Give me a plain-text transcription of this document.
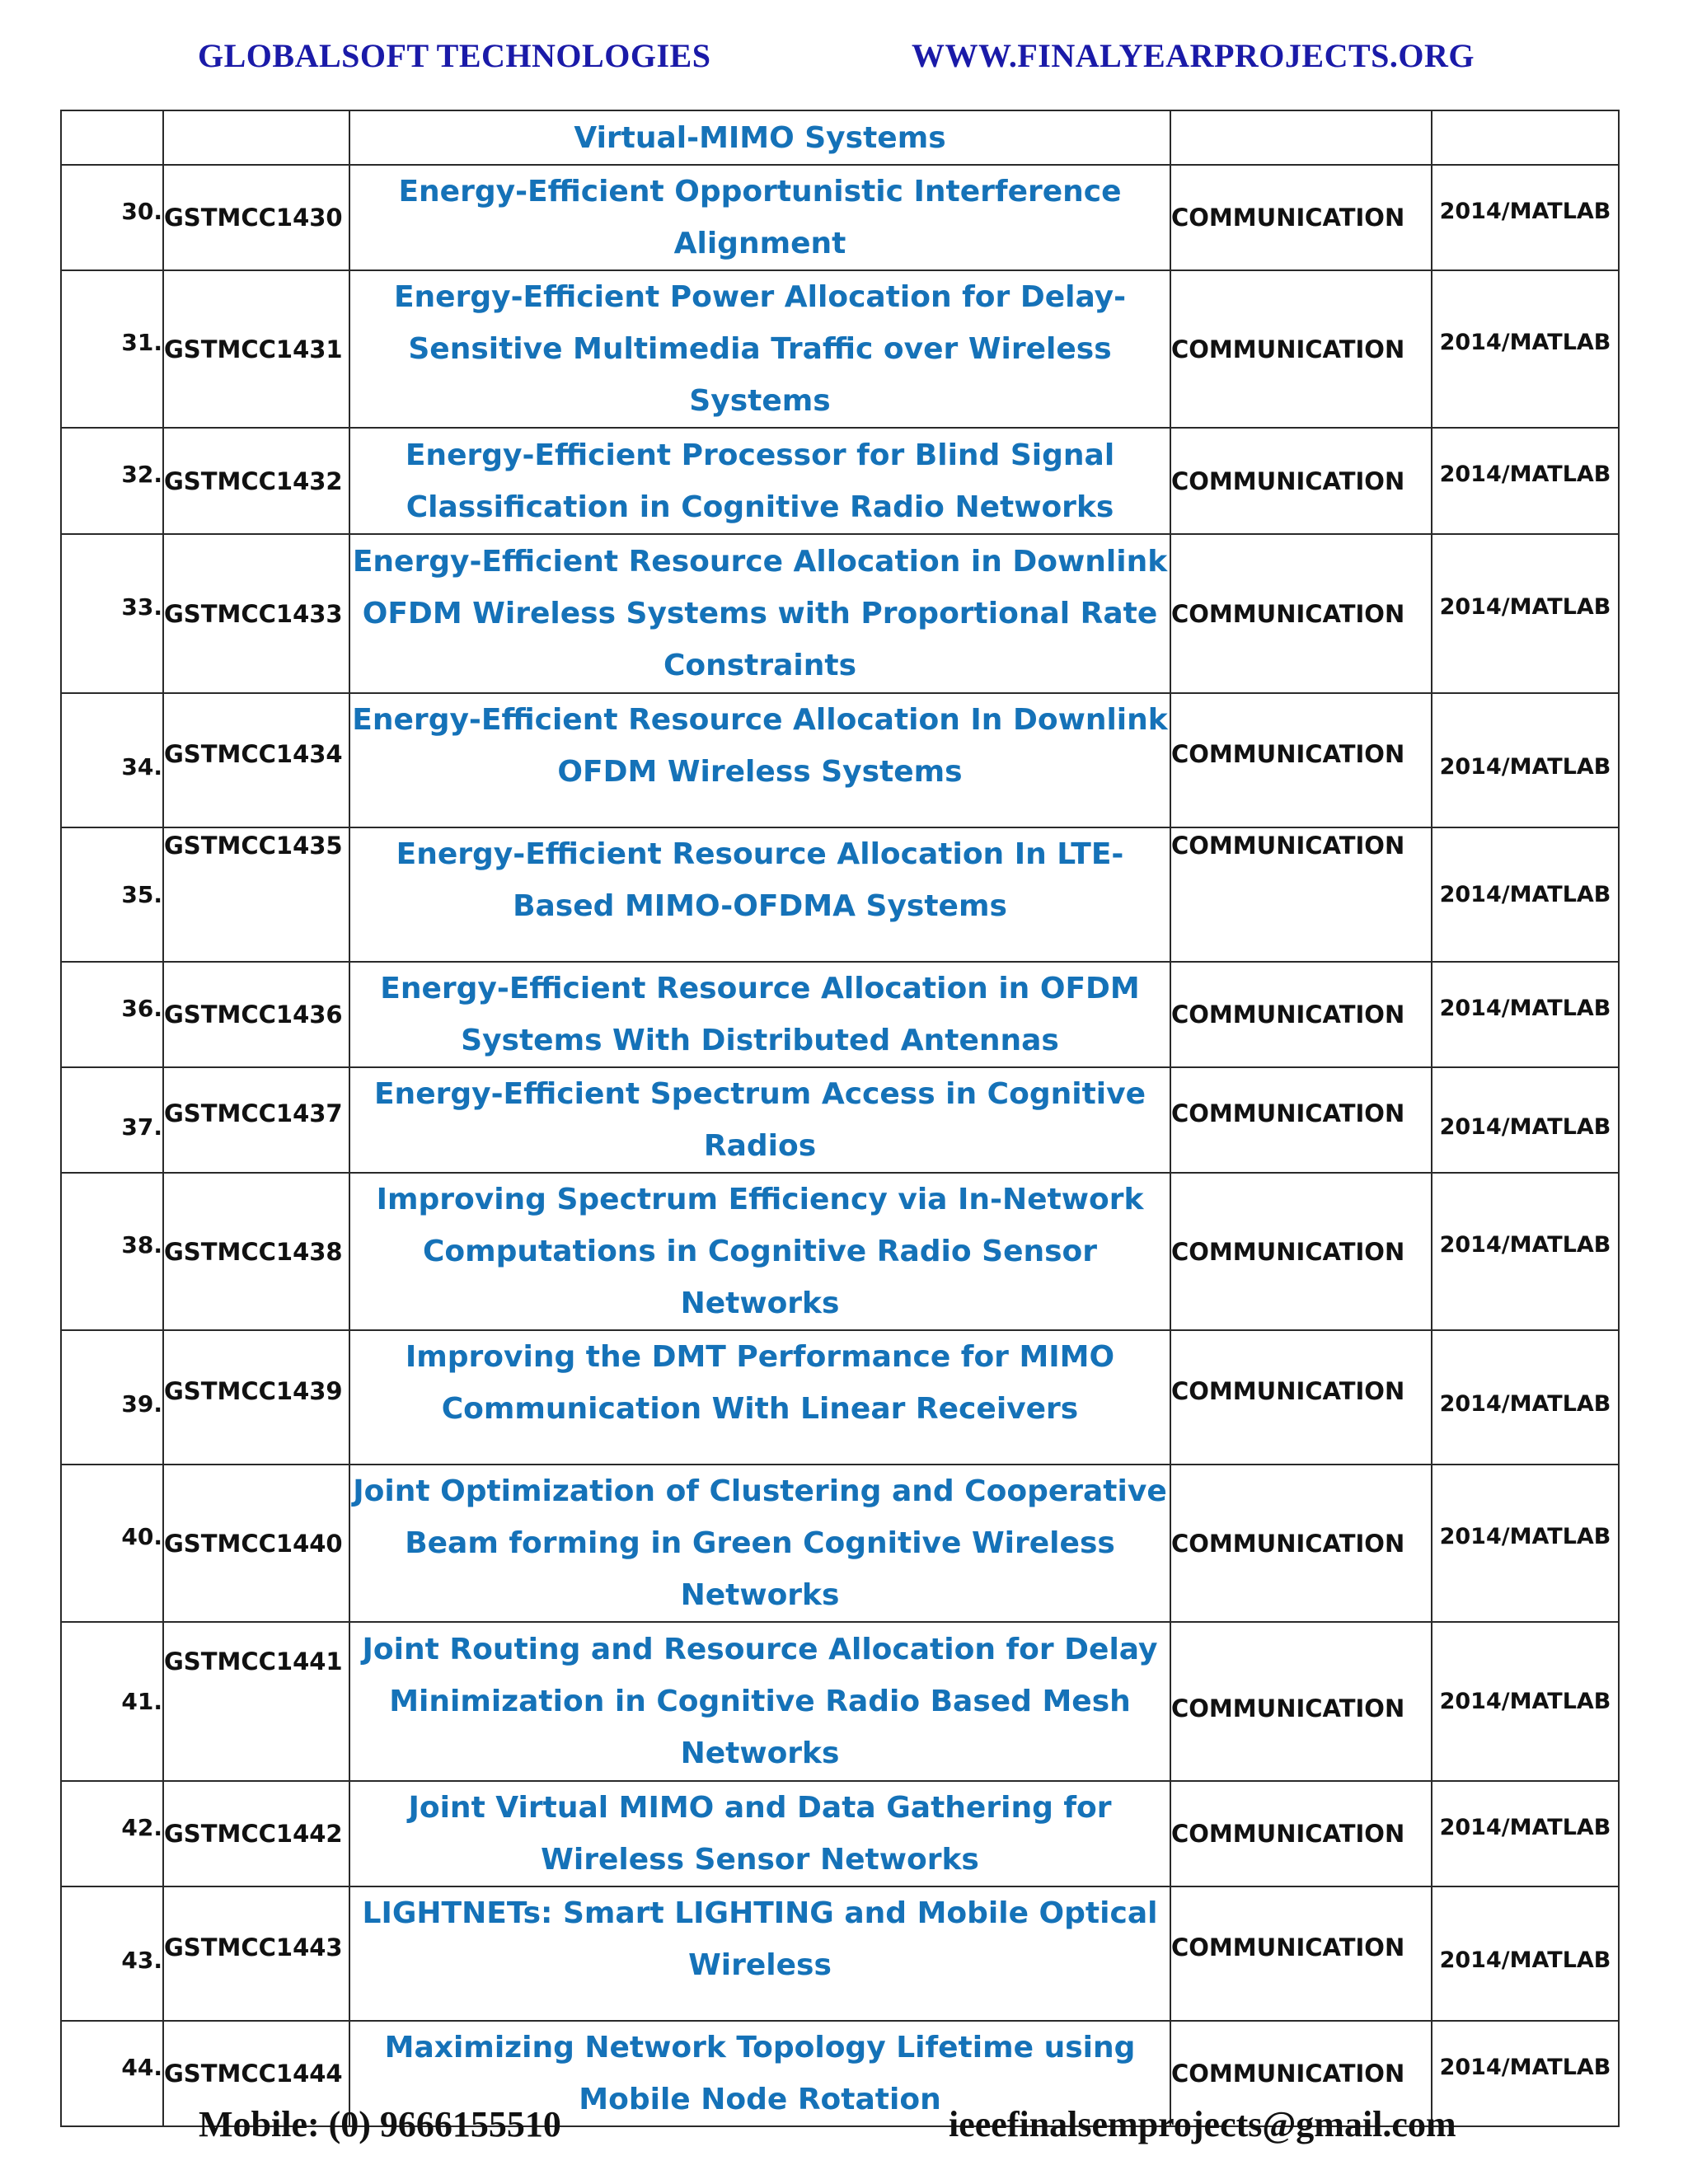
GLOBALSOFT TECHNOLOGIES	WWW.FINALYEARPROJECTS.ORG
		Virtual-MIMO Systems		
30.	GSTMCC1430	Energy-Efficient Opportunistic Interference Alignment	COMMUNICATION	2014/MATLAB
31.	GSTMCC1431	Energy-Efficient Power Allocation for Delay-Sensitive Multimedia Traffic over Wireless Systems	COMMUNICATION	2014/MATLAB
32.	GSTMCC1432	Energy-Efficient Processor for Blind Signal Classification in Cognitive Radio Networks	COMMUNICATION	2014/MATLAB
33.	GSTMCC1433	Energy-Efficient Resource Allocation in Downlink OFDM Wireless Systems with Proportional Rate Constraints	COMMUNICATION	2014/MATLAB
34.	GSTMCC1434	Energy-Efficient Resource Allocation In Downlink OFDM Wireless Systems	COMMUNICATION	2014/MATLAB
35.	GSTMCC1435	Energy-Efficient Resource Allocation In LTE-Based MIMO-OFDMA Systems	COMMUNICATION	2014/MATLAB
36.	GSTMCC1436	Energy-Efficient Resource Allocation in OFDM Systems With Distributed Antennas	COMMUNICATION	2014/MATLAB
37.	GSTMCC1437	Energy-Efficient Spectrum Access in Cognitive Radios	COMMUNICATION	2014/MATLAB
38.	GSTMCC1438	Improving Spectrum Efficiency via In-Network Computations in Cognitive Radio Sensor Networks	COMMUNICATION	2014/MATLAB
39.	GSTMCC1439	Improving the DMT Performance for MIMO Communication With Linear Receivers	COMMUNICATION	2014/MATLAB
40.	GSTMCC1440	Joint Optimization of Clustering and Cooperative Beam forming in Green Cognitive Wireless Networks	COMMUNICATION	2014/MATLAB
41.	GSTMCC1441	Joint Routing and Resource Allocation for Delay Minimization in Cognitive Radio Based Mesh Networks	COMMUNICATION	2014/MATLAB
42.	GSTMCC1442	Joint Virtual MIMO and Data Gathering for Wireless Sensor Networks	COMMUNICATION	2014/MATLAB
43.	GSTMCC1443	LIGHTNETs: Smart LIGHTING and Mobile Optical Wireless	COMMUNICATION	2014/MATLAB
44.	GSTMCC1444	Maximizing Network Topology Lifetime using Mobile Node Rotation	COMMUNICATION	2014/MATLAB
Mobile: (0) 9666155510	ieeefinalsemprojects@gmail.com
